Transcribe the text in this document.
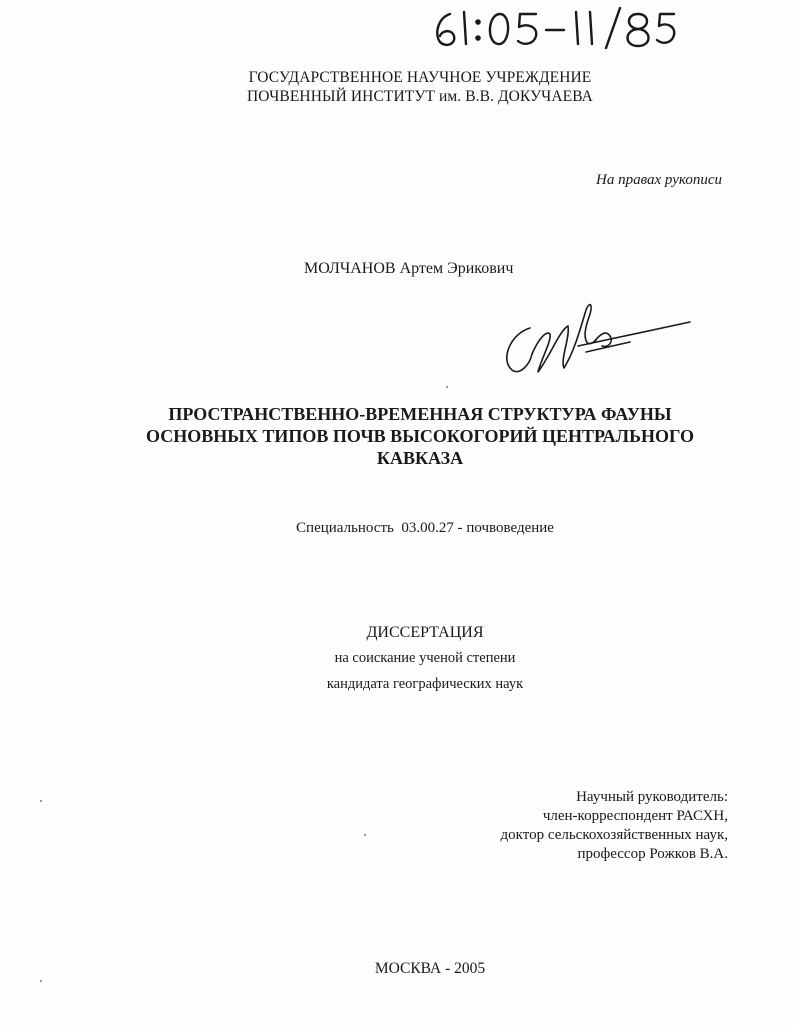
ГОСУДАРСТВЕННОЕ НАУЧНОЕ УЧРЕЖДЕНИЕ
ПОЧВЕННЫЙ ИНСТИТУТ им. В.В. ДОКУЧАЕВА
На правах рукописи
МОЛЧАНОВ Артем Эрикович
ПРОСТРАНСТВЕННО-ВРЕМЕННАЯ СТРУКТУРА ФАУНЫ
ОСНОВНЫХ ТИПОВ ПОЧВ ВЫСОКОГОРИЙ ЦЕНТРАЛЬНОГО
КАВКАЗА
Специальность  03.00.27 - почвоведение
ДИССЕРТАЦИЯ
на соискание ученой степени
кандидата географических наук
Научный руководитель:
член-корреспондент РАСХН,
доктор сельскохозяйственных наук,
профессор Рожков В.А.
МОСКВА - 2005
